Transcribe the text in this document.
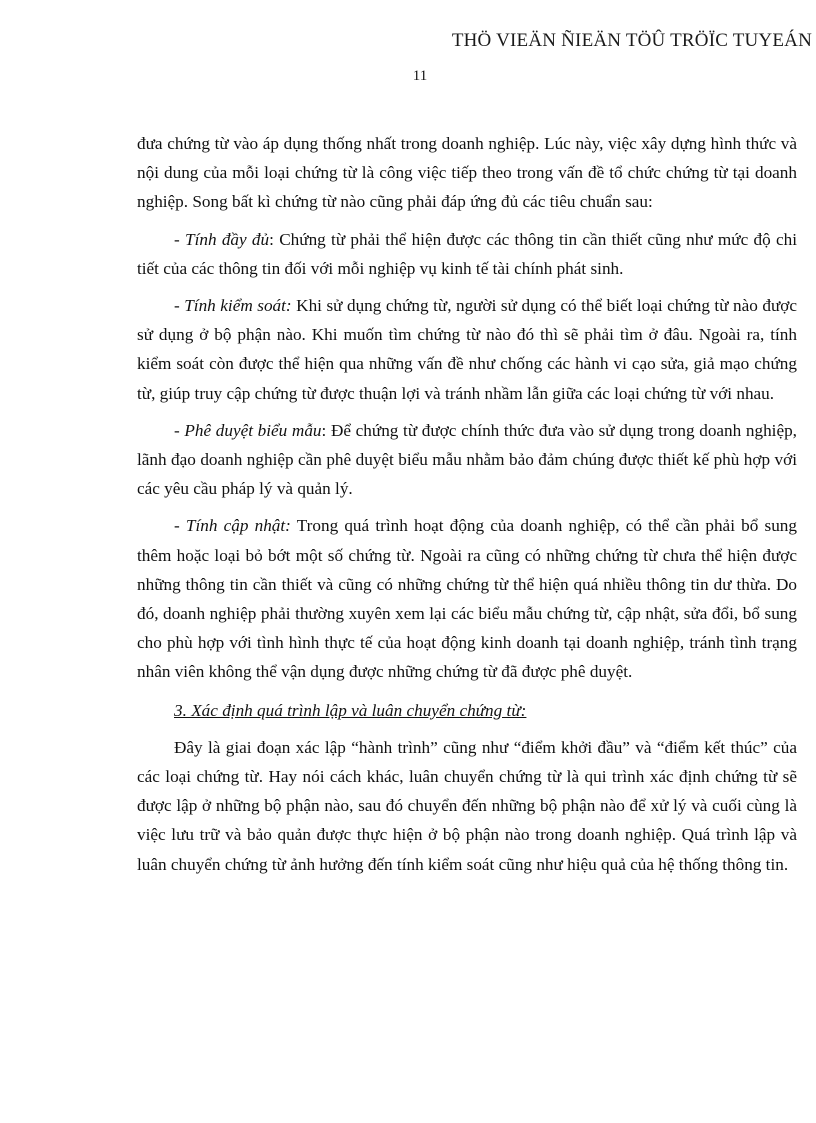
THÖ VIEÄN ÑIEÄN TÖÛ TRÖÏC TUYEÁN
11

đưa chứng từ vào áp dụng thống nhất trong doanh nghiệp. Lúc này, việc xây dựng hình thức và nội dung của mỗi loại chứng từ là công việc tiếp theo trong vấn đề tổ chức chứng từ tại doanh nghiệp. Song bất kì chứng từ nào cũng phải đáp ứng đủ các tiêu chuẩn sau:

- Tính đầy đủ: Chứng từ phải thể hiện được các thông tin cần thiết cũng như mức độ chi tiết của các thông tin đối với mỗi nghiệp vụ kinh tế tài chính phát sinh.

- Tính kiểm soát: Khi sử dụng chứng từ, người sử dụng có thể biết loại chứng từ nào được sử dụng ở bộ phận nào. Khi muốn tìm chứng từ nào đó thì sẽ phải tìm ở đâu. Ngoài ra, tính kiểm soát còn được thể hiện qua những vấn đề như chống các hành vi cạo sửa, giả mạo chứng từ, giúp truy cập chứng từ được thuận lợi và tránh nhầm lẫn giữa các loại chứng từ với nhau.

- Phê duyệt biểu mẫu: Để chứng từ được chính thức đưa vào sử dụng trong doanh nghiệp, lãnh đạo doanh nghiệp cần phê duyệt biểu mẫu nhằm bảo đảm chúng được thiết kế phù hợp với các yêu cầu pháp lý và quản lý.

- Tính cập nhật: Trong quá trình hoạt động của doanh nghiệp, có thể cần phải bổ sung thêm hoặc loại bỏ bớt một số chứng từ. Ngoài ra cũng có những chứng từ chưa thể hiện được những thông tin cần thiết và cũng có những chứng từ thể hiện quá nhiều thông tin dư thừa. Do đó, doanh nghiệp phải thường xuyên xem lại các biểu mẫu chứng từ, cập nhật, sửa đổi, bổ sung cho phù hợp với tình hình thực tế của hoạt động kinh doanh tại doanh nghiệp, tránh tình trạng nhân viên không thể vận dụng được những chứng từ đã được phê duyệt.

3. Xác định quá trình lập và luân chuyển chứng từ:

Đây là giai đoạn xác lập “hành trình” cũng như “điểm khởi đầu” và “điểm kết thúc” của các loại chứng từ. Hay nói cách khác, luân chuyển chứng từ là qui trình xác định chứng từ sẽ được lập ở những bộ phận nào, sau đó chuyển đến những bộ phận nào để xử lý và cuối cùng là việc lưu trữ và bảo quản được thực hiện ở bộ phận nào trong doanh nghiệp. Quá trình lập và luân chuyển chứng từ ảnh hưởng đến tính kiểm soát cũng như hiệu quả của hệ thống thông tin.
